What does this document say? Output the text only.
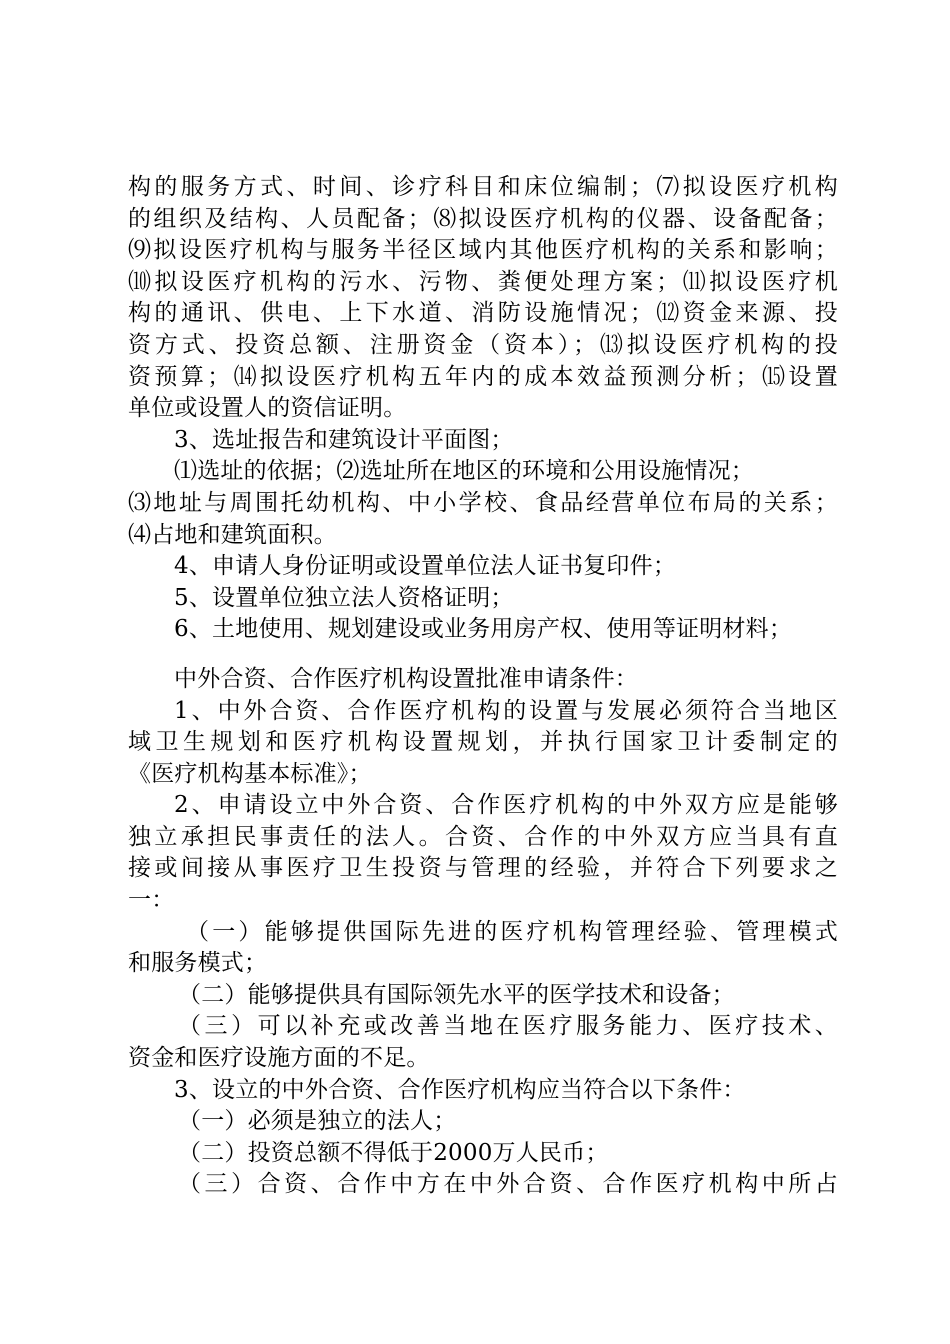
构的服务方式、时间、诊疗科目和床位编制；⑺拟设医疗机构
的组织及结构、人员配备；⑻拟设医疗机构的仪器、设备配备；
⑼拟设医疗机构与服务半径区域内其他医疗机构的关系和影响；
⑽拟设医疗机构的污水、污物、粪便处理方案；⑾拟设医疗机
构的通讯、供电、上下水道、消防设施情况；⑿资金来源、投
资方式、投资总额、注册资金（资本）；⒀拟设医疗机构的投
资预算；⒁拟设医疗机构五年内的成本效益预测分析；⒂设置
单位或设置人的资信证明。
3、选址报告和建筑设计平面图；
⑴选址的依据；⑵选址所在地区的环境和公用设施情况；
⑶地址与周围托幼机构、中小学校、食品经营单位布局的关系；
⑷占地和建筑面积。
4、申请人身份证明或设置单位法人证书复印件；
5、设置单位独立法人资格证明；
6、土地使用、规划建设或业务用房产权、使用等证明材料；
中外合资、合作医疗机构设置批准申请条件：
1、中外合资、合作医疗机构的设置与发展必须符合当地区
域卫生规划和医疗机构设置规划，并执行国家卫计委制定的
《医疗机构基本标准》；
2、申请设立中外合资、合作医疗机构的中外双方应是能够
独立承担民事责任的法人。合资、合作的中外双方应当具有直
接或间接从事医疗卫生投资与管理的经验，并符合下列要求之
一：
（一）能够提供国际先进的医疗机构管理经验、管理模式
和服务模式；
（二）能够提供具有国际领先水平的医学技术和设备；
（三）可以补充或改善当地在医疗服务能力、医疗技术、
资金和医疗设施方面的不足。
3、设立的中外合资、合作医疗机构应当符合以下条件：
（一）必须是独立的法人；
（二）投资总额不得低于2000万人民币；
（三）合资、合作中方在中外合资、合作医疗机构中所占
